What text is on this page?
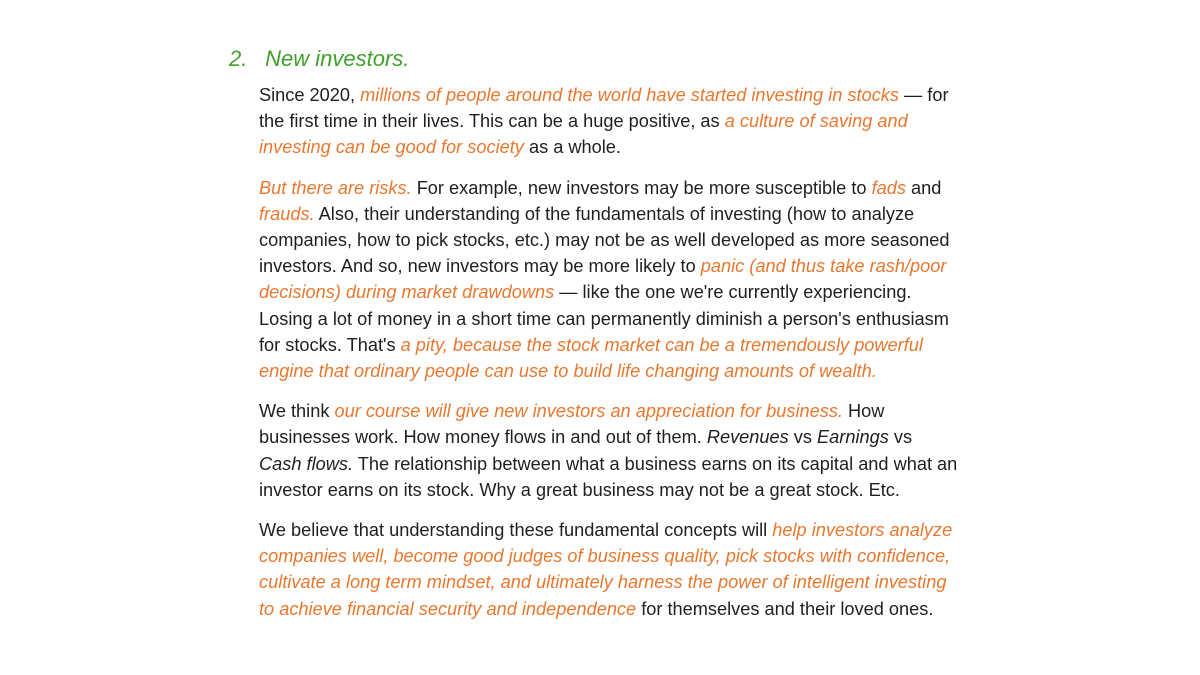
2. New investors.

Since 2020, millions of people around the world have started investing in stocks — for the first time in their lives. This can be a huge positive, as a culture of saving and investing can be good for society as a whole.

But there are risks. For example, new investors may be more susceptible to fads and frauds. Also, their understanding of the fundamentals of investing (how to analyze companies, how to pick stocks, etc.) may not be as well developed as more seasoned investors. And so, new investors may be more likely to panic (and thus take rash/poor decisions) during market drawdowns — like the one we're currently experiencing. Losing a lot of money in a short time can permanently diminish a person's enthusiasm for stocks. That's a pity, because the stock market can be a tremendously powerful engine that ordinary people can use to build life changing amounts of wealth.

We think our course will give new investors an appreciation for business. How businesses work. How money flows in and out of them. Revenues vs Earnings vs Cash flows. The relationship between what a business earns on its capital and what an investor earns on its stock. Why a great business may not be a great stock. Etc.

We believe that understanding these fundamental concepts will help investors analyze companies well, become good judges of business quality, pick stocks with confidence, cultivate a long term mindset, and ultimately harness the power of intelligent investing to achieve financial security and independence for themselves and their loved ones.
